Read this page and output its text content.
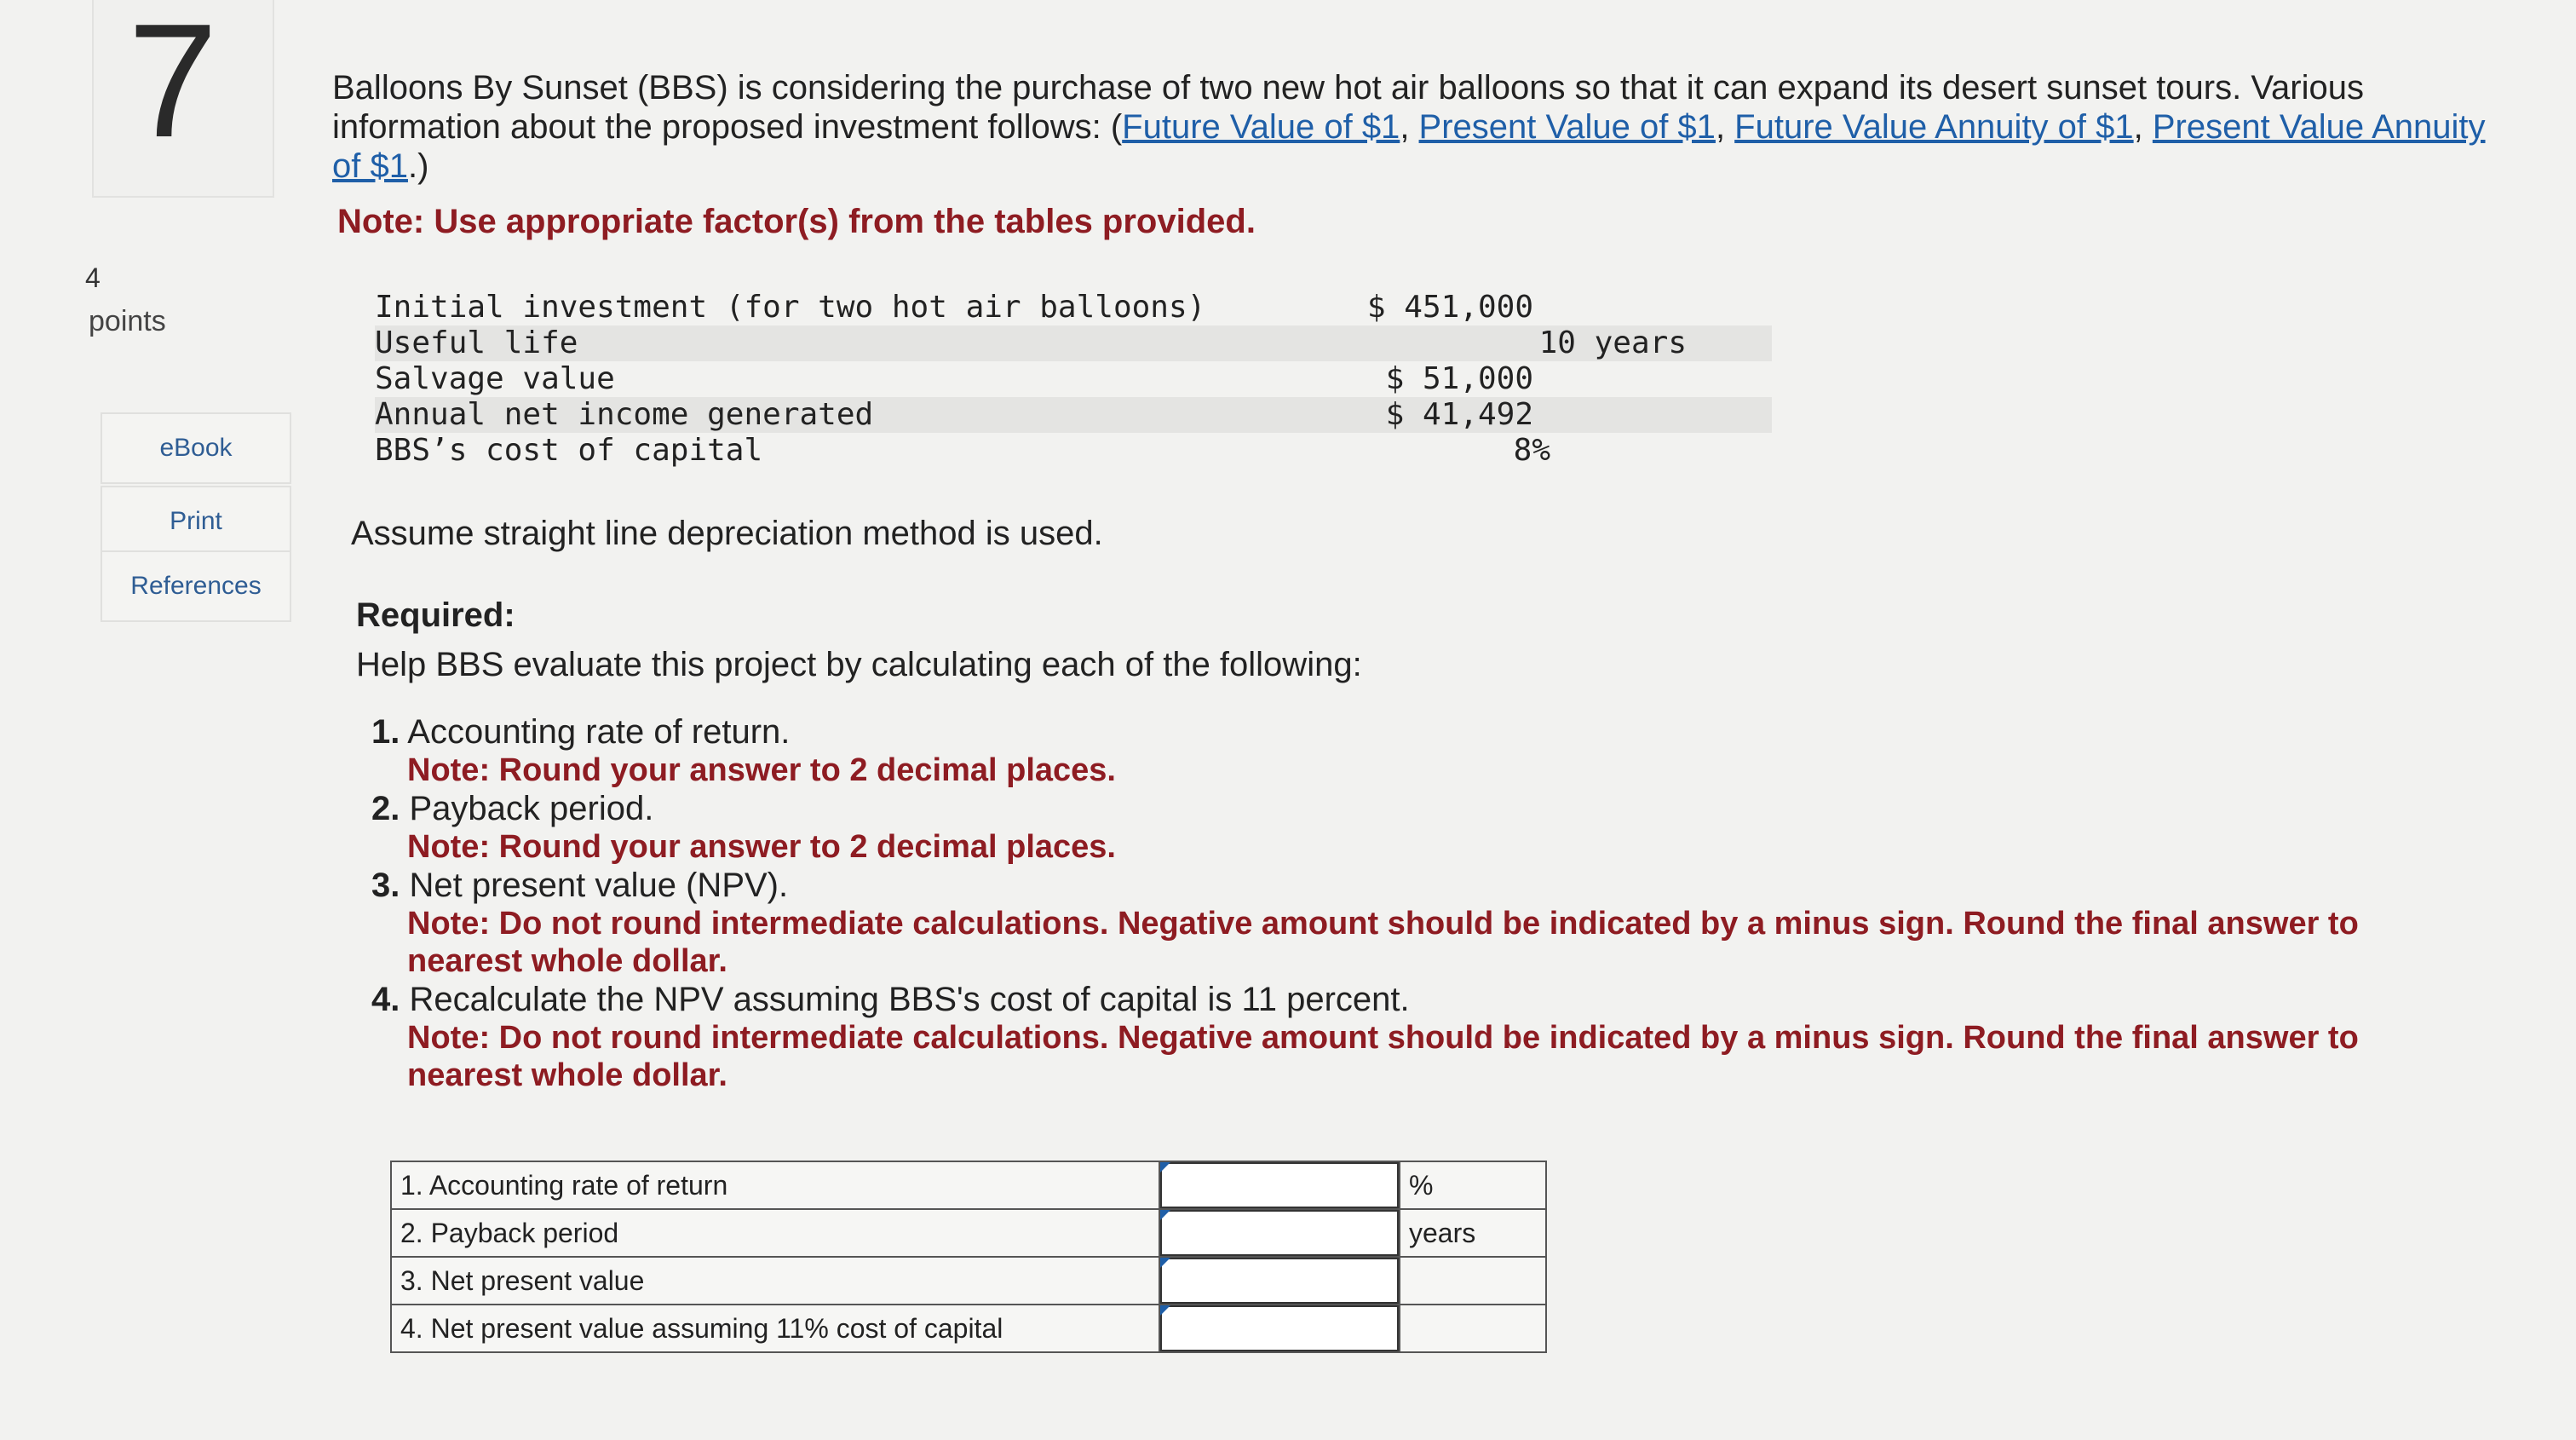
7
4
points
eBook
Print
References
Balloons By Sunset (BBS) is considering the purchase of two new hot air balloons so that it can expand its desert sunset tours. Various information about the proposed investment follows: (Future Value of $1, Present Value of $1, Future Value Annuity of $1, Present Value Annuity of $1.)
Note: Use appropriate factor(s) from the tables provided.
Initial investment (for two hot air balloons)	$ 451,000
Useful life	10 years
Salvage value	$ 51,000
Annual net income generated	$ 41,492
BBS’s cost of capital	8%
Assume straight line depreciation method is used.
Required:
Help BBS evaluate this project by calculating each of the following:
1. Accounting rate of return.
Note: Round your answer to 2 decimal places.
2. Payback period.
Note: Round your answer to 2 decimal places.
3. Net present value (NPV).
Note: Do not round intermediate calculations. Negative amount should be indicated by a minus sign. Round the final answer to nearest whole dollar.
4. Recalculate the NPV assuming BBS's cost of capital is 11 percent.
Note: Do not round intermediate calculations. Negative amount should be indicated by a minus sign. Round the final answer to nearest whole dollar.
1. Accounting rate of return		%
2. Payback period		years
3. Net present value	

4. Net present value assuming 11% cost of capital	
